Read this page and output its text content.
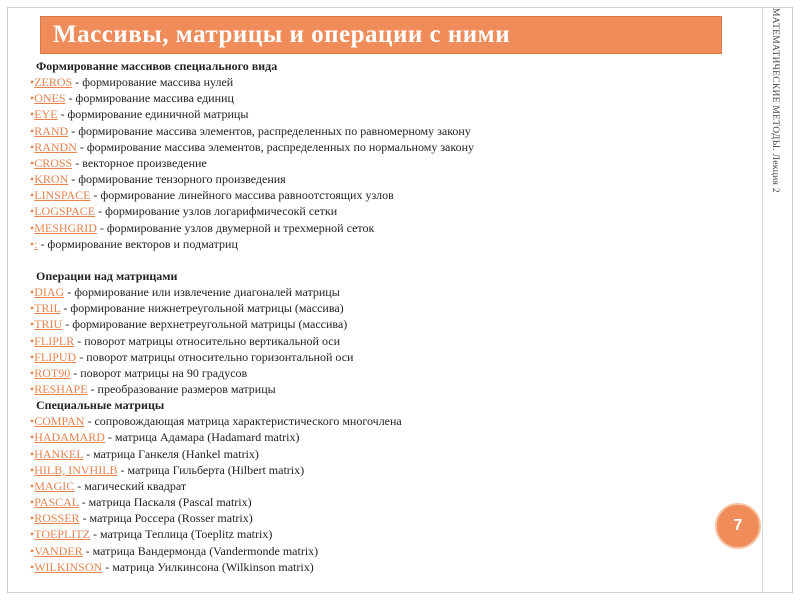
Массивы, матрицы и операции с ними	МАТЕМАТИЧЕСКИЕ МЕТОДЫ. Лекция 2
Формирование массивов специального вида
•ZEROS - формирование массива нулей
•ONES - формирование массива единиц
•EYE - формирование единичной матрицы
•RAND - формирование массива элементов, распределенных по равномерному закону
•RANDN - формирование массива элементов, распределенных по нормальному закону
•CROSS - векторное произведение
•KRON - формирование тензорного произведения
•LINSPACE - формирование линейного массива равноотстоящих узлов
•LOGSPACE - формирование узлов логарифмичесокй сетки
•MESHGRID - формирование узлов двумерной и трехмерной сеток
•: - формирование векторов и подматриц
Операции над матрицами
•DIAG - формирование или извлечение диагоналей матрицы
•TRIL - формирование нижнетреугольной матрицы (массива)
•TRIU - формирование верхнетреугольной матрицы (массива)
•FLIPLR - поворот матрицы относительно вертикальной оси
•FLIPUD - поворот матрицы относительно горизонтальной оси
•ROT90 - поворот матрицы на 90 градусов
•RESHAPE - преобразование размеров матрицы
Специальные матрицы
•COMPAN - сопровождающая матрица характеристического многочлена
•HADAMARD - матрица Адамара (Hadamard matrix)
•HANKEL - матрица Ганкеля (Hankel matrix)
•HILB, INVHILB - матрица Гильберта (Hilbert matrix)
•MAGIC - магический квадрат
•PASCAL - матрица Паскаля (Pascal matrix)
•ROSSER - матрица Россера (Rosser matrix)
•TOEPLITZ - матрица Теплица (Toeplitz matrix)
•VANDER - матрица Вандермонда (Vandermonde matrix)
•WILKINSON - матрица Уилкинсона (Wilkinson matrix)
7
